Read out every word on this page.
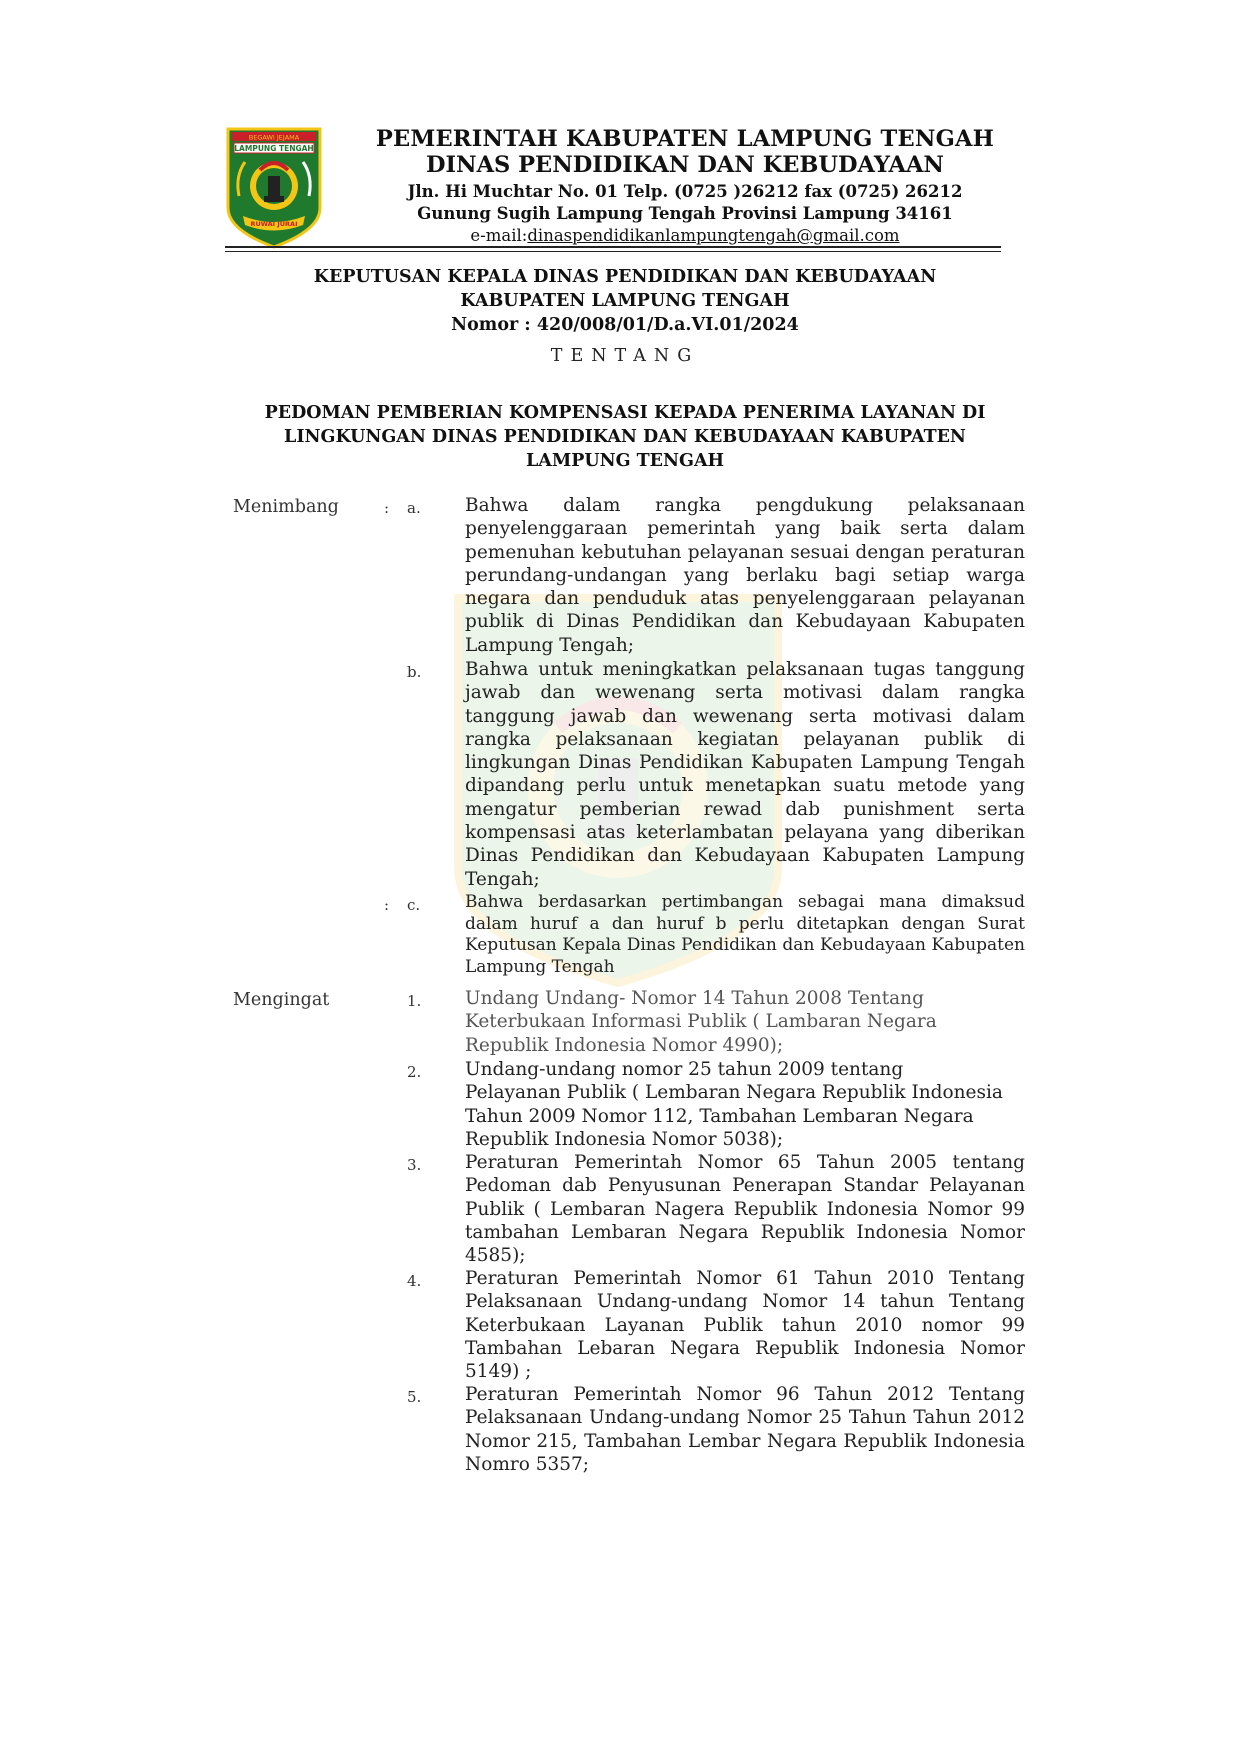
BEGAWI JEJAMA
LAMPUNG TENGAH
RUWAI JURAI
PEMERINTAH KABUPATEN LAMPUNG TENGAH
DINAS PENDIDIKAN DAN KEBUDAYAAN
Jln. Hi Muchtar No. 01 Telp. (0725 )26212 fax (0725) 26212
Gunung Sugih Lampung Tengah Provinsi Lampung 34161
e-mail:dinaspendidikanlampungtengah@gmail.com
KEPUTUSAN KEPALA DINAS PENDIDIKAN DAN KEBUDAYAAN
KABUPATEN LAMPUNG TENGAH
Nomor : 420/008/01/D.a.VI.01/2024
TENTANG
PEDOMAN PEMBERIAN KOMPENSASI KEPADA PENERIMA LAYANAN DI
LINGKUNGAN DINAS PENDIDIKAN DAN KEBUDAYAAN KABUPATEN
LAMPUNG TENGAH
Menimbang	: a. Bahwa dalam rangka pengdukung pelaksanaan penyelenggaraan pemerintah yang baik serta dalam pemenuhan kebutuhan pelayanan sesuai dengan peraturan perundang-undangan yang berlaku bagi setiap warga negara dan penduduk atas penyelenggaraan pelayanan publik di Dinas Pendidikan dan Kebudayaan Kabupaten Lampung Tengah;
b. Bahwa untuk meningkatkan pelaksanaan tugas tanggung jawab dan wewenang serta motivasi dalam rangka tanggung jawab dan wewenang serta motivasi dalam rangka pelaksanaan kegiatan pelayanan publik di lingkungan Dinas Pendidikan Kabupaten Lampung Tengah dipandang perlu untuk menetapkan suatu metode yang mengatur pemberian rewad dab punishment serta kompensasi atas keterlambatan pelayana yang diberikan Dinas Pendidikan dan Kebudayaan Kabupaten Lampung Tengah;
: c.	Bahwa berdasarkan pertimbangan sebagai mana dimaksud dalam huruf a dan huruf b perlu ditetapkan dengan Surat Keputusan Kepala Dinas Pendidikan dan Kebudayaan Kabupaten Lampung Tengah
Mengingat	1. Undang Undang- Nomor 14 Tahun 2008 Tentang
Keterbukaan Informasi Publik ( Lambaran Negara
Republik Indonesia Nomor 4990);
2. Undang-undang nomor 25 tahun 2009 tentang
Pelayanan Publik ( Lembaran Negara Republik Indonesia
Tahun 2009 Nomor 112, Tambahan Lembaran Negara
Republik Indonesia Nomor 5038);
3. Peraturan Pemerintah Nomor 65 Tahun 2005 tentang Pedoman dab Penyusunan Penerapan Standar Pelayanan Publik ( Lembaran Nagera Republik Indonesia Nomor 99 tambahan Lembaran Negara Republik Indonesia Nomor 4585);
4. Peraturan Pemerintah Nomor 61 Tahun 2010 Tentang Pelaksanaan Undang-undang Nomor 14 tahun Tentang Keterbukaan Layanan Publik tahun 2010 nomor 99 Tambahan Lebaran Negara Republik Indonesia Nomor 5149) ;
5. Peraturan Pemerintah Nomor 96 Tahun 2012 Tentang Pelaksanaan Undang-undang Nomor 25 Tahun Tahun 2012 Nomor 215, Tambahan Lembar Negara Republik Indonesia Nomro 5357;
